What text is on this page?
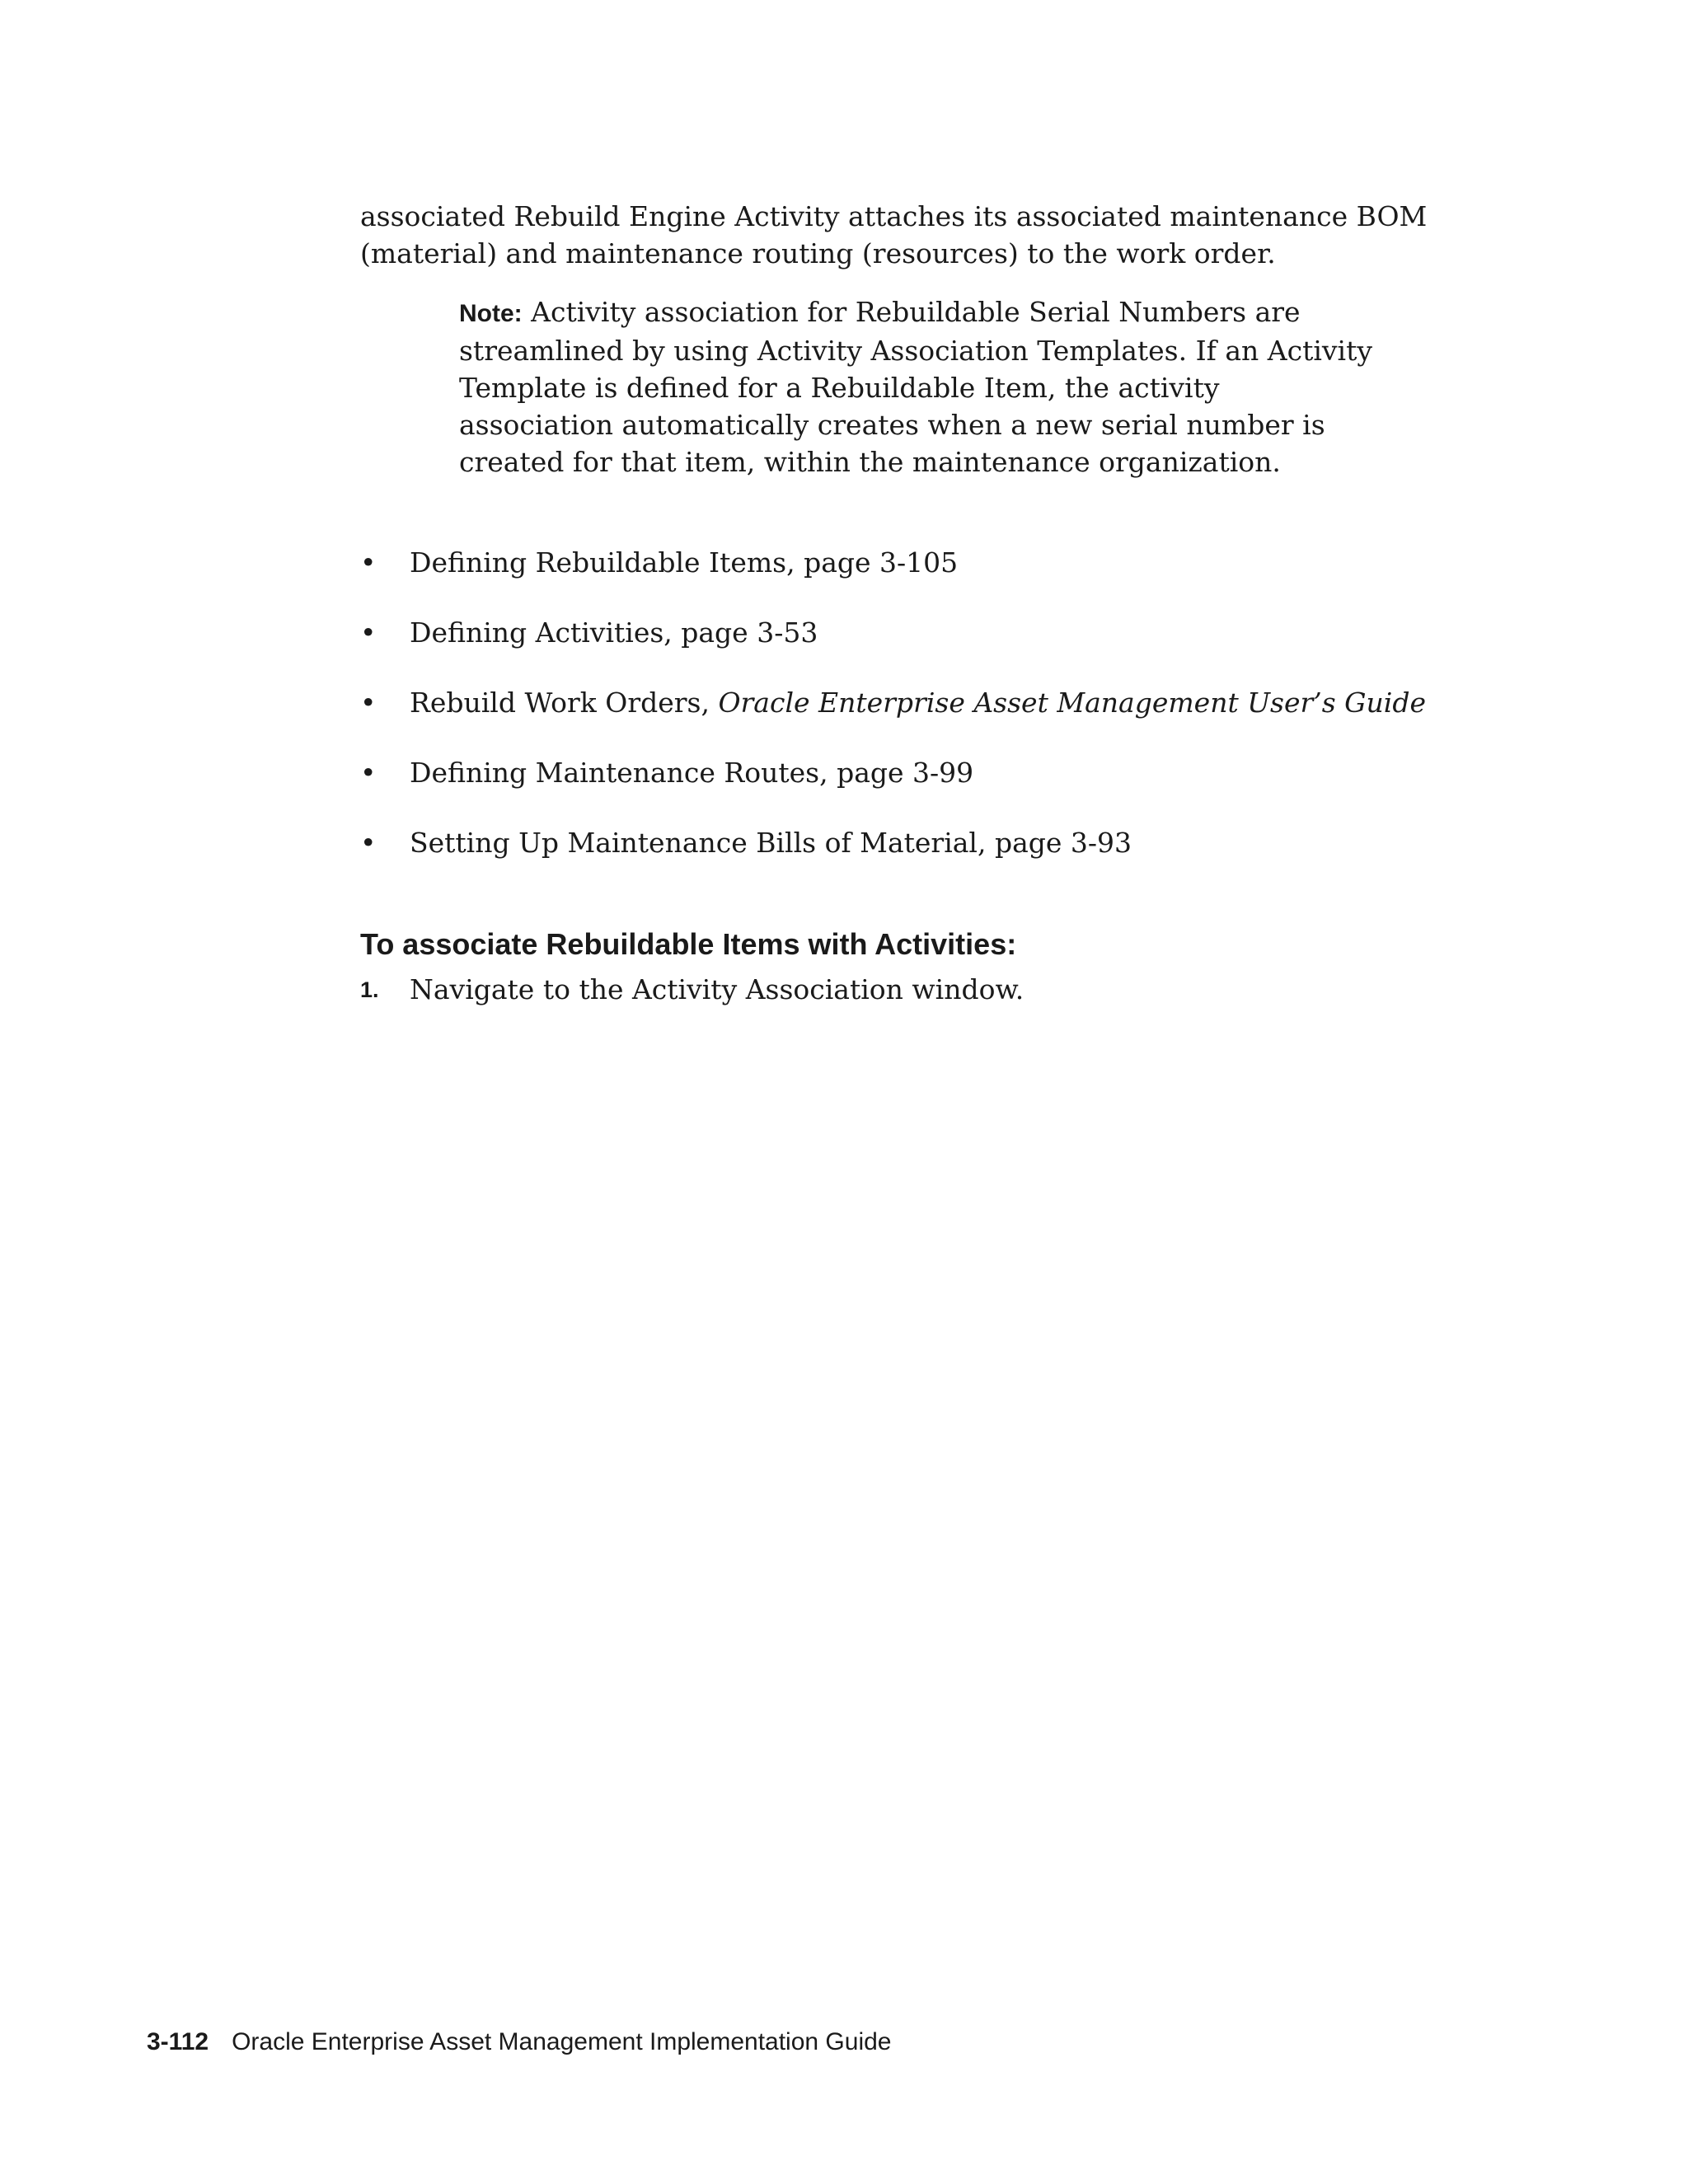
associated Rebuild Engine Activity attaches its associated maintenance BOM (material) and maintenance routing (resources) to the work order.

Note: Activity association for Rebuildable Serial Numbers are streamlined by using Activity Association Templates. If an Activity Template is defined for a Rebuildable Item, the activity association automatically creates when a new serial number is created for that item, within the maintenance organization.

• Defining Rebuildable Items, page 3-105
• Defining Activities, page 3-53
• Rebuild Work Orders, Oracle Enterprise Asset Management User’s Guide
• Defining Maintenance Routes, page 3-99
• Setting Up Maintenance Bills of Material, page 3-93
To associate Rebuildable Items with Activities:
1. Navigate to the Activity Association window.
3-112 Oracle Enterprise Asset Management Implementation Guide
